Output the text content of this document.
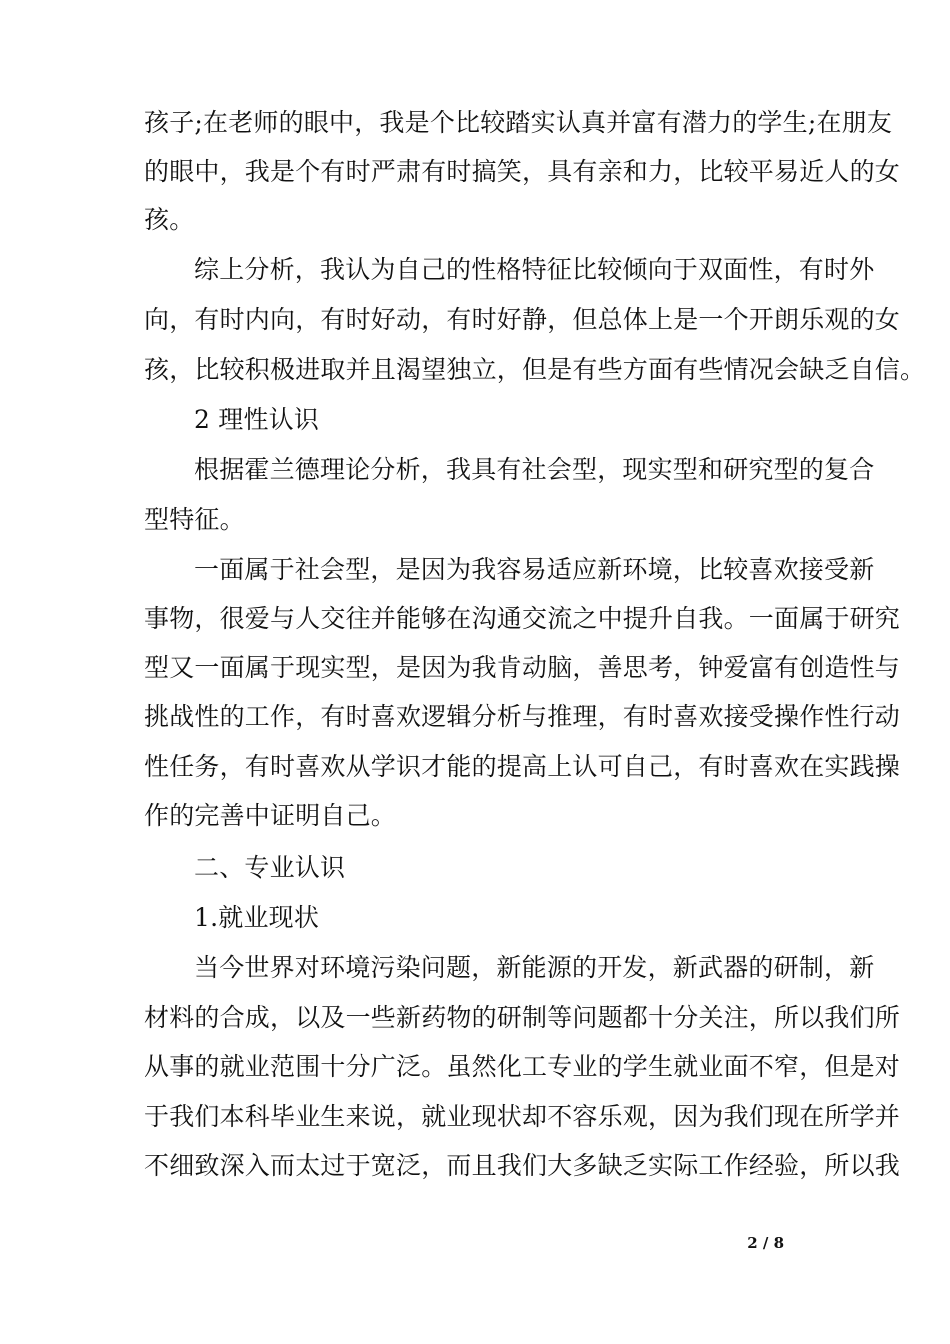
孩子;在老师的眼中，我是个比较踏实认真并富有潜力的学生;在朋友
的眼中，我是个有时严肃有时搞笑，具有亲和力，比较平易近人的女
孩。
综上分析，我认为自己的性格特征比较倾向于双面性，有时外
向，有时内向，有时好动，有时好静，但总体上是一个开朗乐观的女
孩，比较积极进取并且渴望独立，但是有些方面有些情况会缺乏自信。
2 理性认识
根据霍兰德理论分析，我具有社会型，现实型和研究型的复合
型特征。
一面属于社会型，是因为我容易适应新环境，比较喜欢接受新
事物，很爱与人交往并能够在沟通交流之中提升自我。一面属于研究
型又一面属于现实型，是因为我肯动脑，善思考，钟爱富有创造性与
挑战性的工作，有时喜欢逻辑分析与推理，有时喜欢接受操作性行动
性任务，有时喜欢从学识才能的提高上认可自己，有时喜欢在实践操
作的完善中证明自己。
二、专业认识
1.就业现状
当今世界对环境污染问题，新能源的开发，新武器的研制，新
材料的合成，以及一些新药物的研制等问题都十分关注，所以我们所
从事的就业范围十分广泛。虽然化工专业的学生就业面不窄，但是对
于我们本科毕业生来说，就业现状却不容乐观，因为我们现在所学并
不细致深入而太过于宽泛，而且我们大多缺乏实际工作经验，所以我
2 / 8
